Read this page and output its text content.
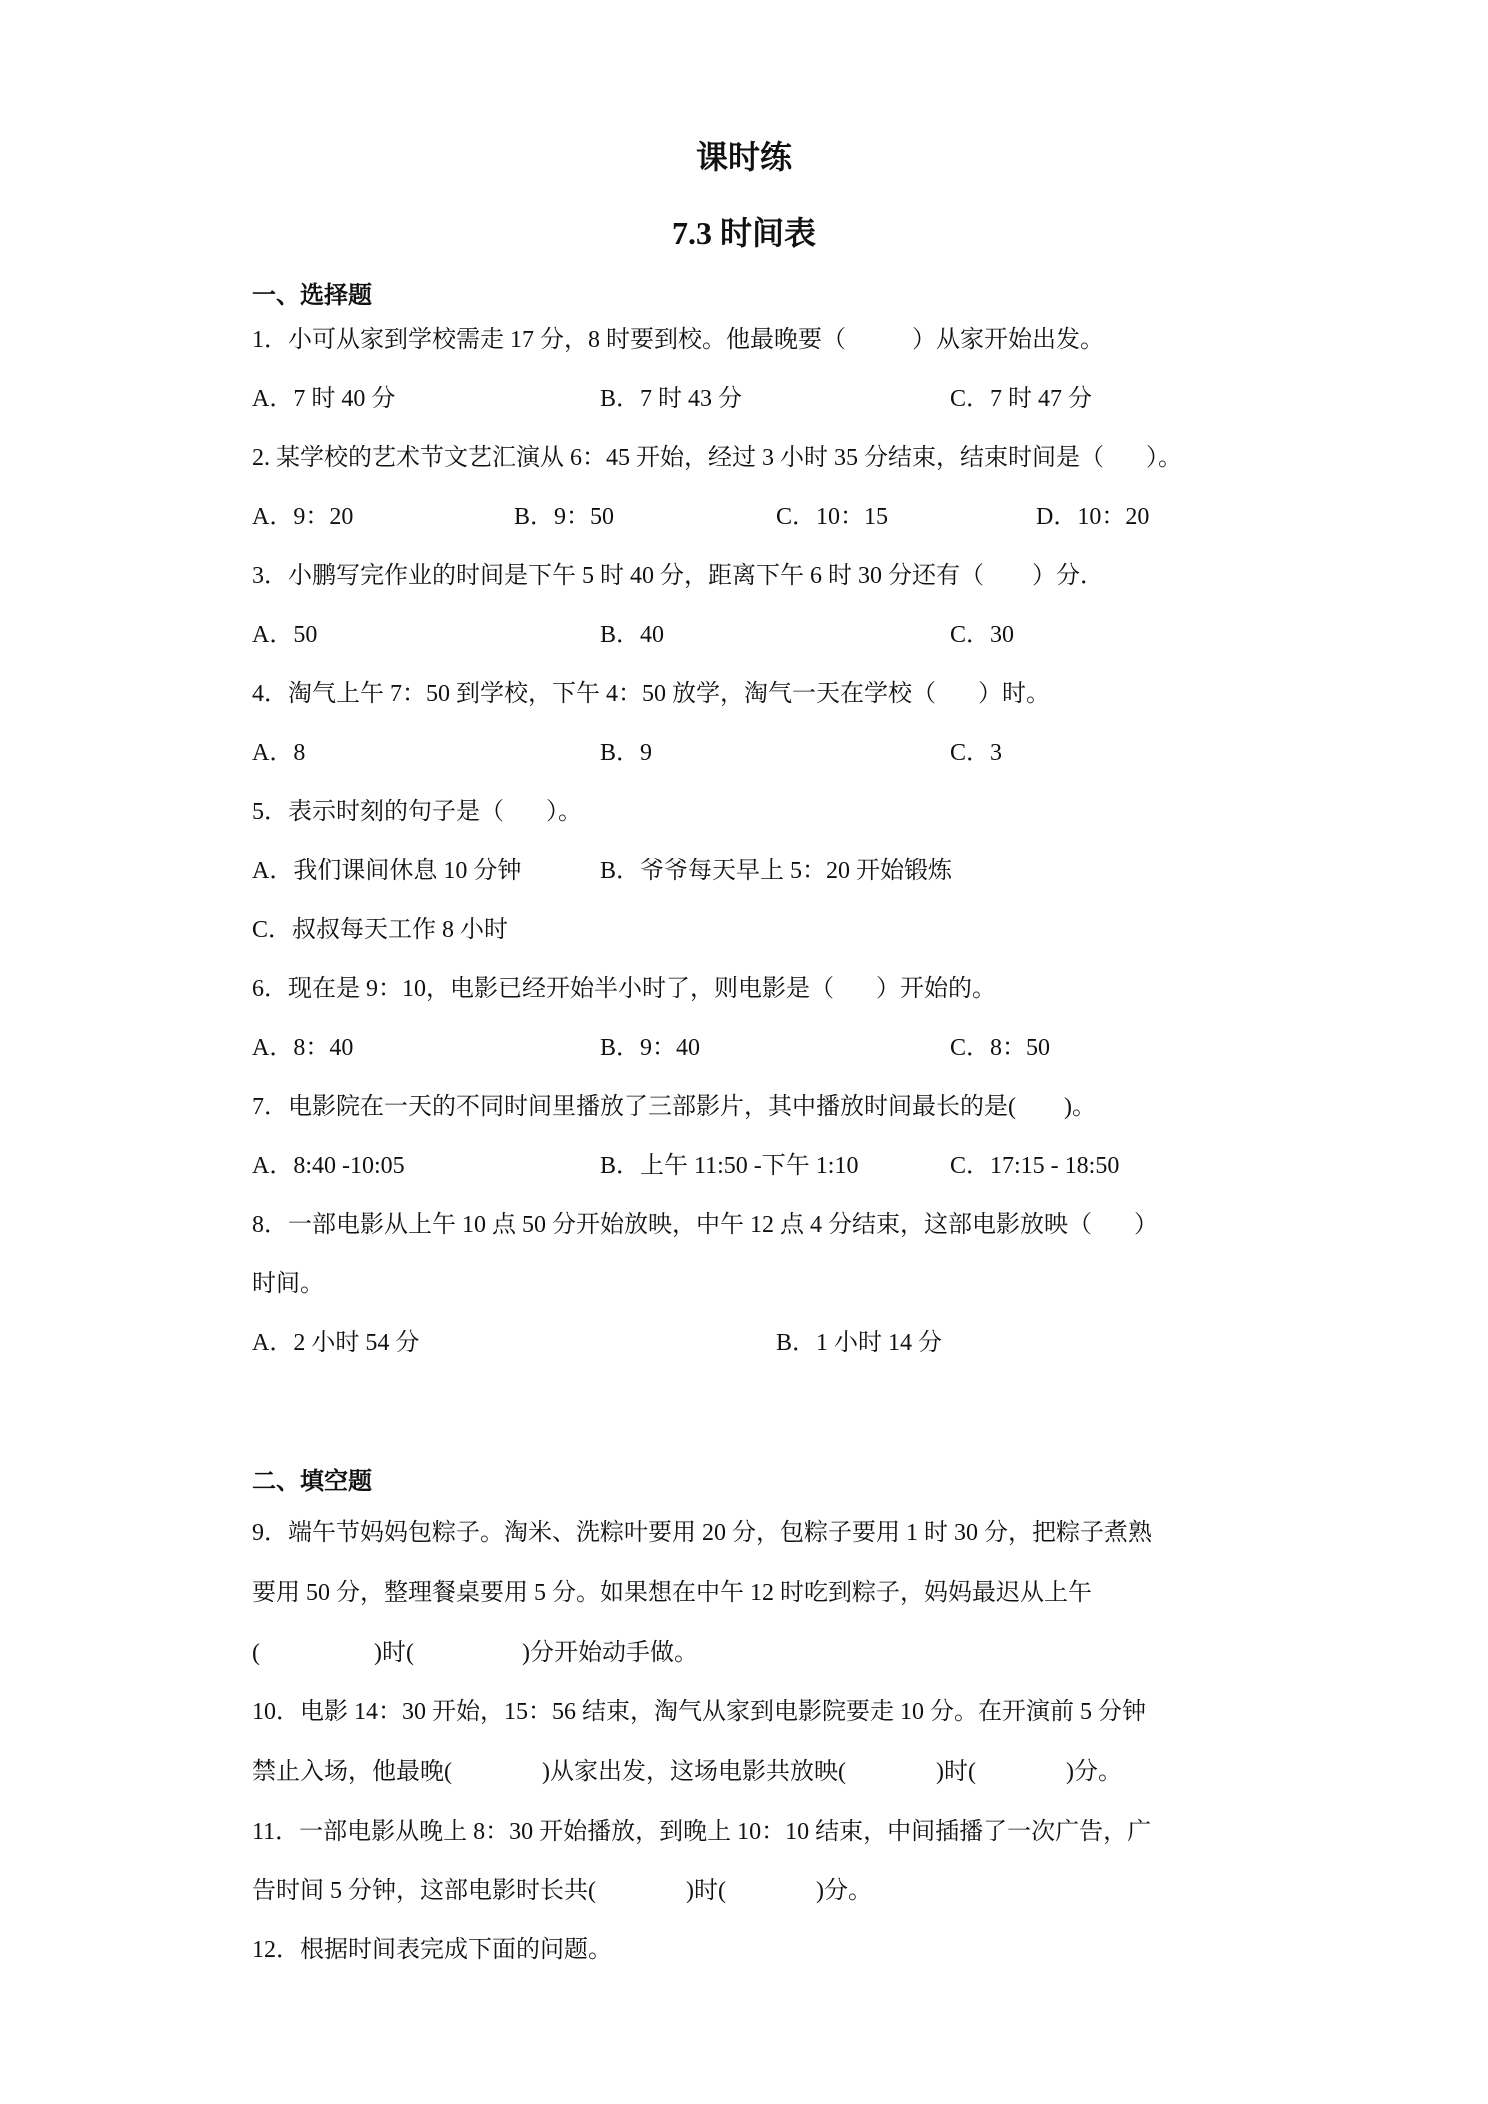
课时练
7.3 时间表
一、选择题
1．小可从家到学校需走 17 分，8 时要到校。他最晚要（           ）从家开始出发。
A．7 时 40 分	B．7 时 43 分	C．7 时 47 分
2. 某学校的艺术节文艺汇演从 6：45 开始，经过 3 小时 35 分结束，结束时间是（       ）。
A．9：20	B．9：50	C．10：15	D．10：20
3．小鹏写完作业的时间是下午 5 时 40 分，距离下午 6 时 30 分还有（        ）分．
A．50	B．40	C．30
4．淘气上午 7：50 到学校，下午 4：50 放学，淘气一天在学校（       ）时。
A．8	B．9	C．3
5．表示时刻的句子是（       ）。
A．我们课间休息 10 分钟	B．爷爷每天早上 5：20 开始锻炼
C．叔叔每天工作 8 小时
6．现在是 9：10，电影已经开始半小时了，则电影是（       ）开始的。
A．8：40	B．9：40	C．8：50
7．电影院在一天的不同时间里播放了三部影片，其中播放时间最长的是(        )。
A．8:40 -10:05	B．上午 11:50 -下午 1:10	C．17:15 - 18:50
8．一部电影从上午 10 点 50 分开始放映，中午 12 点 4 分结束，这部电影放映（       ）
时间。
A．2 小时 54 分	B．1 小时 14 分
二、填空题
9．端午节妈妈包粽子。淘米、洗粽叶要用 20 分，包粽子要用 1 时 30 分，把粽子煮熟
要用 50 分，整理餐桌要用 5 分。如果想在中午 12 时吃到粽子，妈妈最迟从上午
(                   )时(                  )分开始动手做。
10．电影 14：30 开始，15：56 结束，淘气从家到电影院要走 10 分。在开演前 5 分钟
禁止入场，他最晚(               )从家出发，这场电影共放映(               )时(               )分。
11．一部电影从晚上 8：30 开始播放，到晚上 10：10 结束，中间插播了一次广告，广
告时间 5 分钟，这部电影时长共(               )时(               )分。
12．根据时间表完成下面的问题。
